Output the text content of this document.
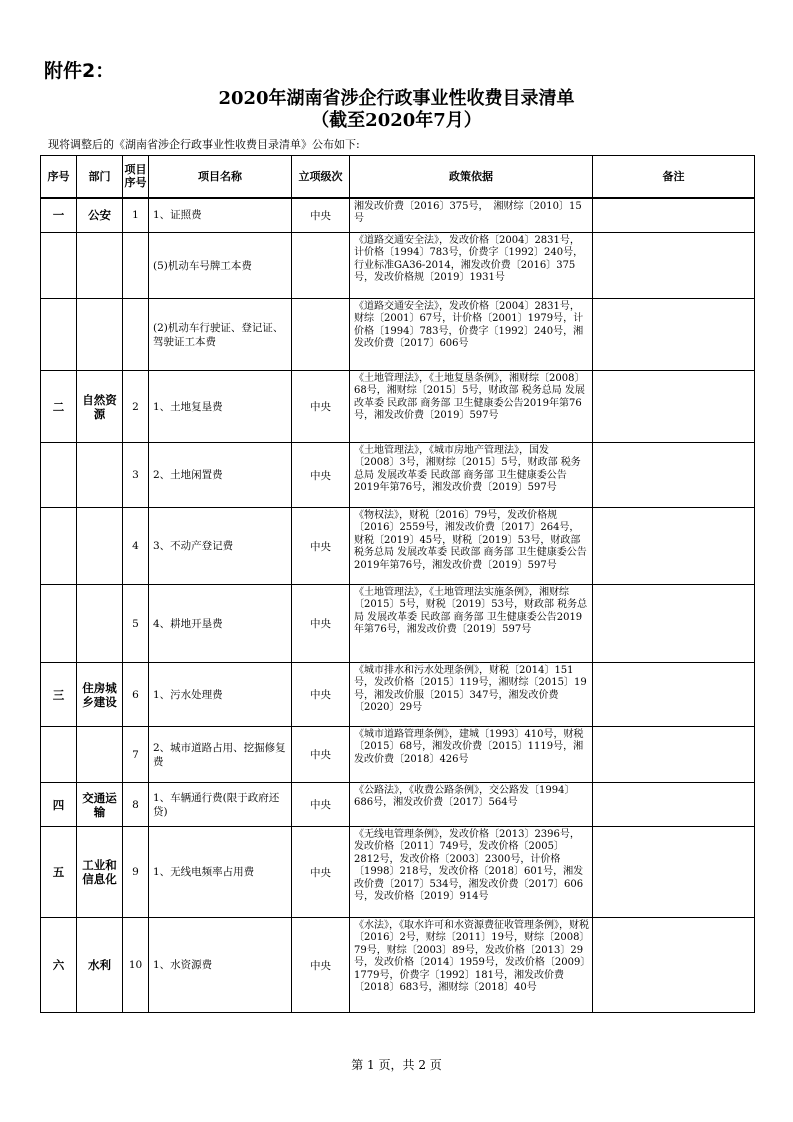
附件2：
2020年湖南省涉企行政事业性收费目录清单
（截至2020年7月）
现将调整后的《湖南省涉企行政事业性收费目录清单》公布如下:
序号	部门	项目序号	项目名称	立项级次	政策依据	备注
一	公安	1	1、证照费	中央	湘发改价费〔2016〕375号，　湘财综〔2010〕15号	
			(5)机动车号牌工本费		《道路交通安全法》，发改价格〔2004〕2831号，计价格〔1994〕783号，价费字〔1992〕240号，行业标准GA36-2014，湘发改价费〔2016〕375号，发改价格规〔2019〕1931号	
			(2)机动车行驶证、登记证、驾驶证工本费		《道路交通安全法》，发改价格〔2004〕2831号，财综〔2001〕67号，计价格〔2001〕1979号，计价格〔1994〕783号，价费字〔1992〕240号，湘发改价费〔2017〕606号	
二	自然资源	2	1、土地复垦费	中央	《土地管理法》，《土地复垦条例》，湘财综〔2008〕68号，湘财综〔2015〕5号，财政部 税务总局 发展改革委 民政部 商务部 卫生健康委公告2019年第76号，湘发改价费〔2019〕597号	
		3	2、土地闲置费	中央	《土地管理法》，《城市房地产管理法》，国发〔2008〕3号，湘财综〔2015〕5号，财政部 税务总局 发展改革委 民政部 商务部 卫生健康委公告2019年第76号，湘发改价费〔2019〕597号	
		4	3、不动产登记费	中央	《物权法》，财税〔2016〕79号，发改价格规〔2016〕2559号，湘发改价费〔2017〕264号，财税〔2019〕45号，财税〔2019〕53号，财政部 税务总局 发展改革委 民政部 商务部 卫生健康委公告2019年第76号，湘发改价费〔2019〕597号	
		5	4、耕地开垦费	中央	《土地管理法》，《土地管理法实施条例》，湘财综〔2015〕5号，财税〔2019〕53号，财政部 税务总局 发展改革委 民政部 商务部 卫生健康委公告2019年第76号，湘发改价费〔2019〕597号	
三	住房城乡建设	6	1、污水处理费	中央	《城市排水和污水处理条例》，财税〔2014〕151号，发改价格〔2015〕119号，湘财综〔2015〕19号，湘发改价服〔2015〕347号，湘发改价费〔2020〕29号	
		7	2、城市道路占用、挖掘修复费	中央	《城市道路管理条例》，建城〔1993〕410号，财税〔2015〕68号，湘发改价费〔2015〕1119号，湘发改价费〔2018〕426号	
四	交通运输	8	1、车辆通行费(限于政府还贷)	中央	《公路法》，《收费公路条例》，交公路发〔1994〕686号，湘发改价费〔2017〕564号	
五	工业和信息化	9	1、无线电频率占用费	中央	《无线电管理条例》，发改价格〔2013〕2396号，发改价格〔2011〕749号，发改价格〔2005〕2812号，发改价格〔2003〕2300号，计价格〔1998〕218号，发改价格〔2018〕601号，湘发改价费〔2017〕534号，湘发改价费〔2017〕606号，发改价格〔2019〕914号	
六	水利	10	1、水资源费	中央	《水法》，《取水许可和水资源费征收管理条例》，财税〔2016〕2号，财综〔2011〕19号，财综〔2008〕79号，财综〔2003〕89号，发改价格〔2013〕29号，发改价格〔2014〕1959号，发改价格〔2009〕1779号，价费字〔1992〕181号，湘发改价费〔2018〕683号，湘财综〔2018〕40号	
第 1 页，共 2 页
